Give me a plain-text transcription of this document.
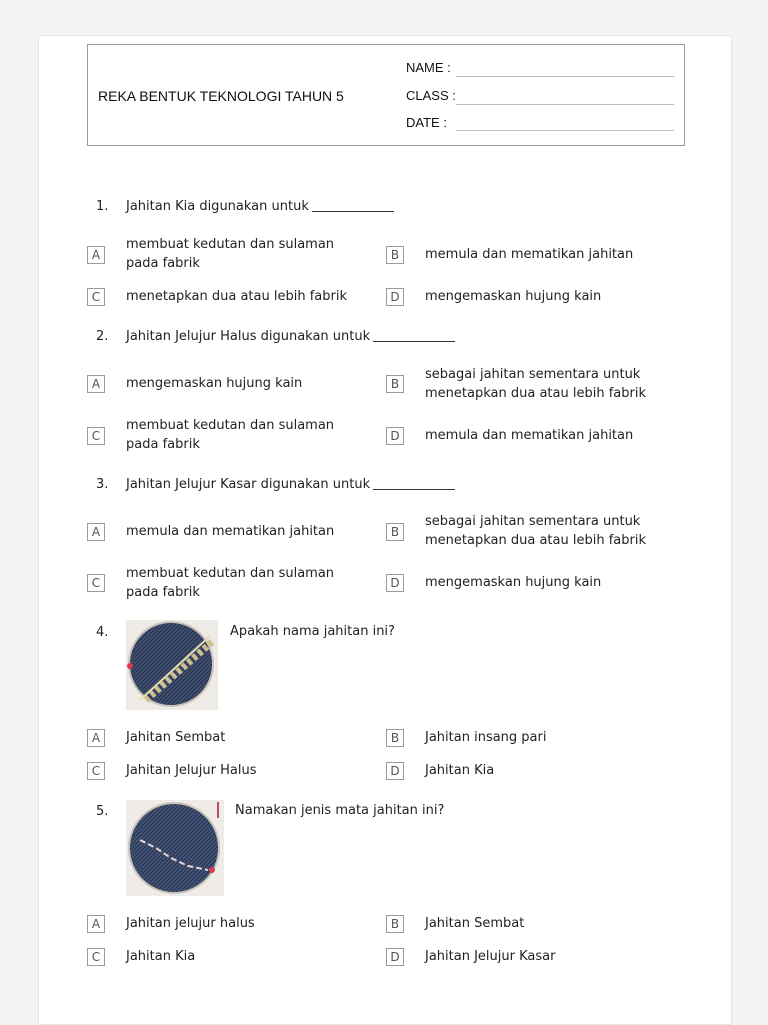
REKA BENTUK TEKNOLOGI TAHUN 5
NAME :
CLASS :
DATE :
1. Jahitan Kia digunakan untuk
A
membuat kedutan dan sulaman pada fabrik
B	memula dan mematikan jahitan
C	menetapkan dua atau lebih fabrik	D	mengemaskan hujung kain
2. Jahitan Jelujur Halus digunakan untuk
A	mengemaskan hujung kain	B
sebagai jahitan sementara untuk menetapkan dua atau lebih fabrik
C
membuat kedutan dan sulaman pada fabrik
D	memula dan mematikan jahitan
3. Jahitan Jelujur Kasar digunakan untuk
A	memula dan mematikan jahitan	B
sebagai jahitan sementara untuk menetapkan dua atau lebih fabrik
C
membuat kedutan dan sulaman pada fabrik
D	mengemaskan hujung kain
4.	Apakah nama jahitan ini?
A	Jahitan Sembat	B	Jahitan insang pari
C	Jahitan Jelujur Halus	D	Jahitan Kia
5.	Namakan jenis mata jahitan ini?
A	Jahitan jelujur halus	B	Jahitan Sembat
C	Jahitan Kia	D	Jahitan Jelujur Kasar
